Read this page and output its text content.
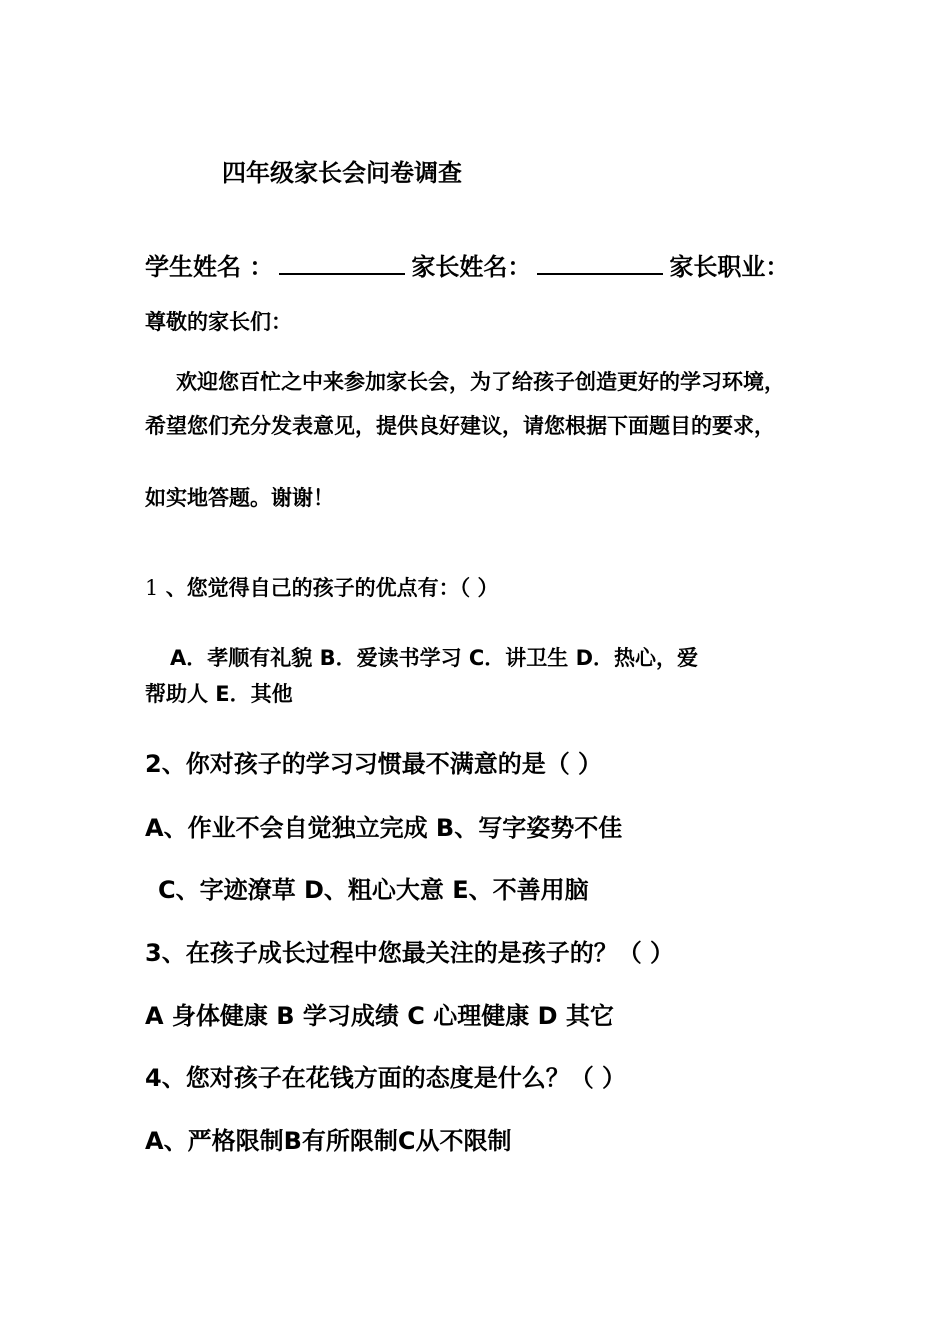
四年级家长会问卷调查
学生姓名 ：	家长姓名：	家长职业：
尊敬的家长们：
欢迎您百忙之中来参加家长会，为了给孩子创造更好的学习环境，
希望您们充分发表意见，提供良好建议，请您根据下面题目的要求，
如实地答题。谢谢！
1 、您觉得自己的孩子的优点有：（ ）
A．孝顺有礼貌 B．爱读书学习 C．讲卫生 D．热心，爱
帮助人 E．其他
2、你对孩子的学习习惯最不满意的是（ ）
A、作业不会自觉独立完成 B、写字姿势不佳
C、字迹潦草 D、粗心大意 E、不善用脑
3、在孩子成长过程中您最关注的是孩子的？（ ）
A 身体健康 B 学习成绩 C 心理健康 D 其它
4、您对孩子在花钱方面的态度是什么？（ ）
A、严格限制B有所限制C从不限制
